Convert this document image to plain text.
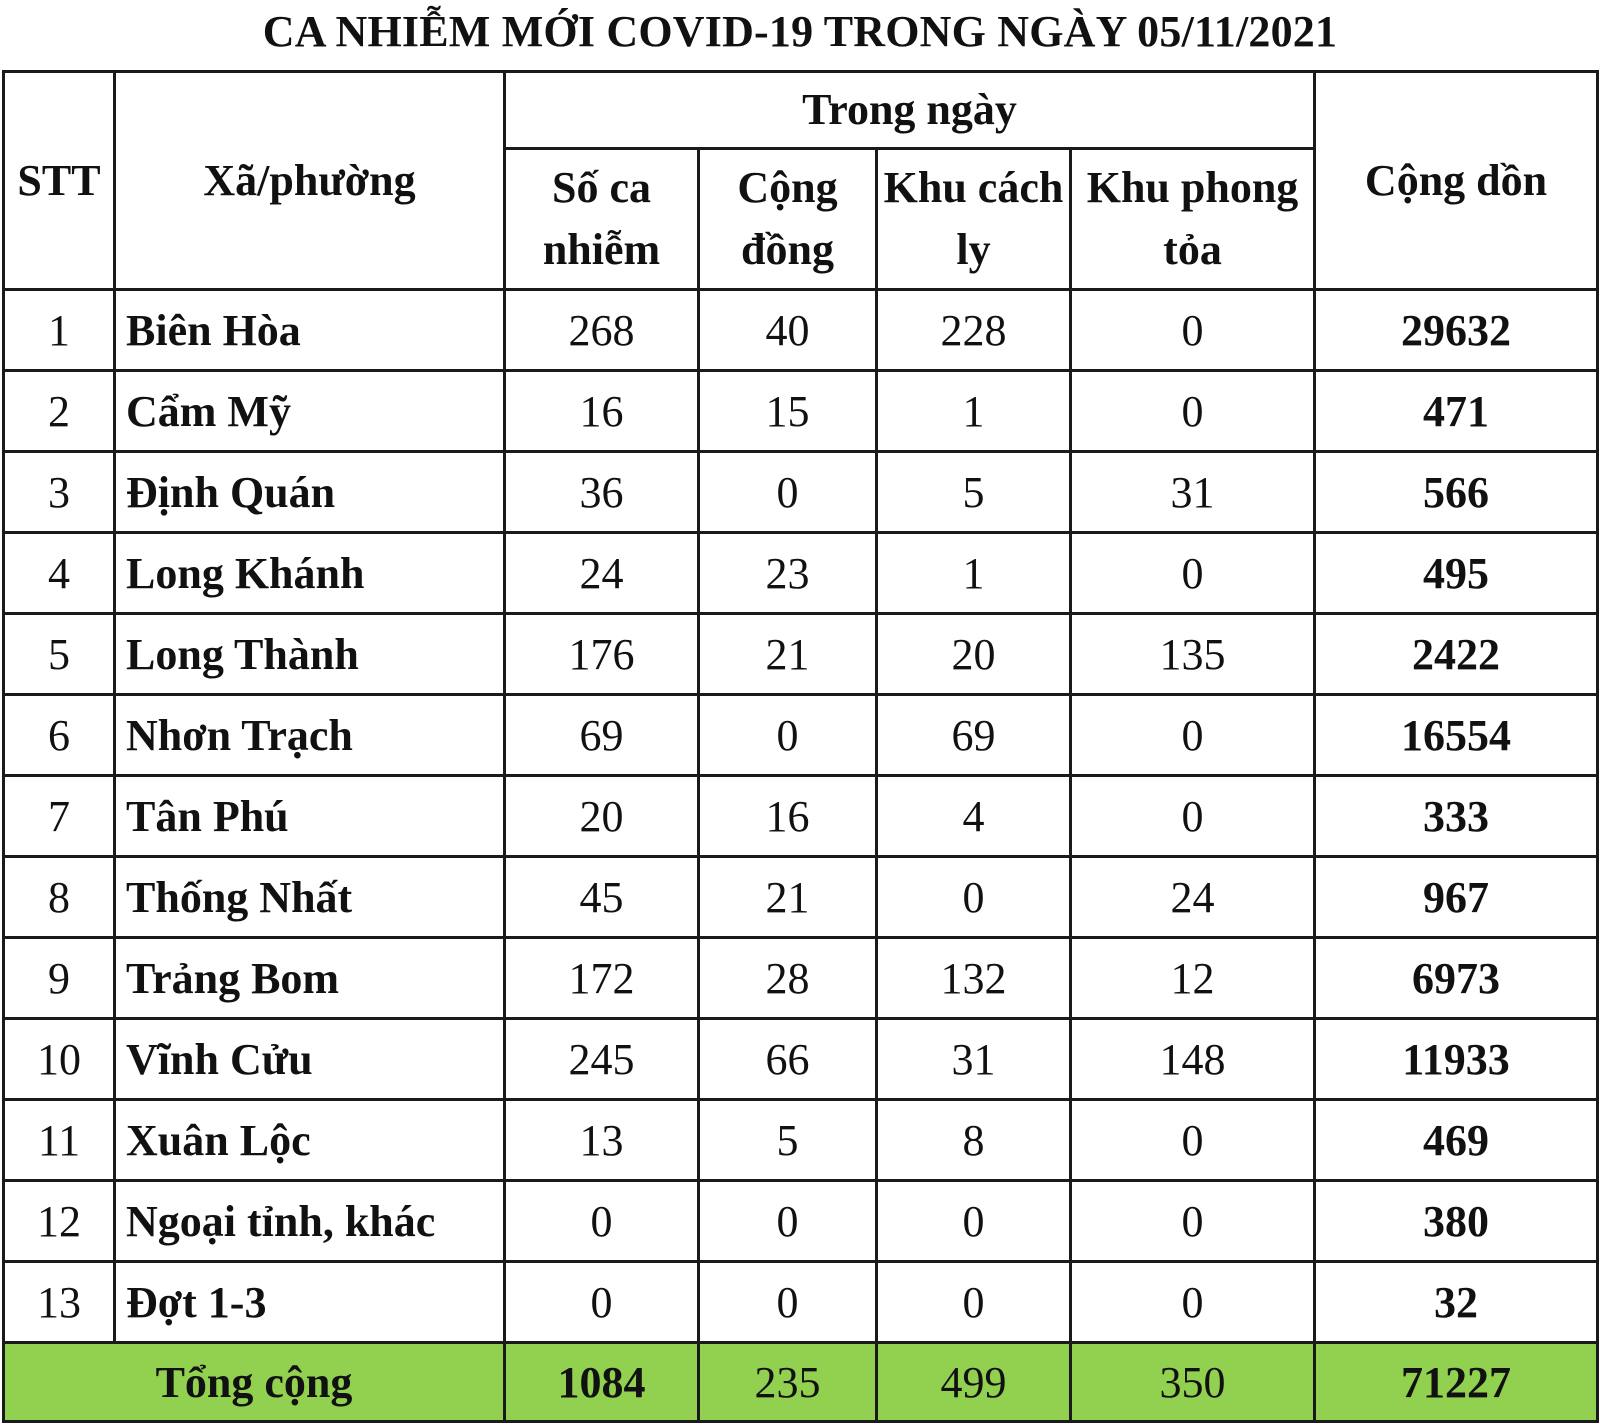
CA NHIỄM MỚI COVID-19 TRONG NGÀY 05/11/2021
STT	Xã/phường	Trong ngày				Cộng dồn
		Số ca nhiễm	Cộng đồng	Khu cách ly	Khu phong tỏa	
1	Biên Hòa	268	40	228	0	29632
2	Cẩm Mỹ	16	15	1	0	471
3	Định Quán	36	0	5	31	566
4	Long Khánh	24	23	1	0	495
5	Long Thành	176	21	20	135	2422
6	Nhơn Trạch	69	0	69	0	16554
7	Tân Phú	20	16	4	0	333
8	Thống Nhất	45	21	0	24	967
9	Trảng Bom	172	28	132	12	6973
10	Vĩnh Cửu	245	66	31	148	11933
11	Xuân Lộc	13	5	8	0	469
12	Ngoại tỉnh, khác	0	0	0	0	380
13	Đợt 1-3	0	0	0	0	32
Tổng cộng		1084	235	499	350	71227
